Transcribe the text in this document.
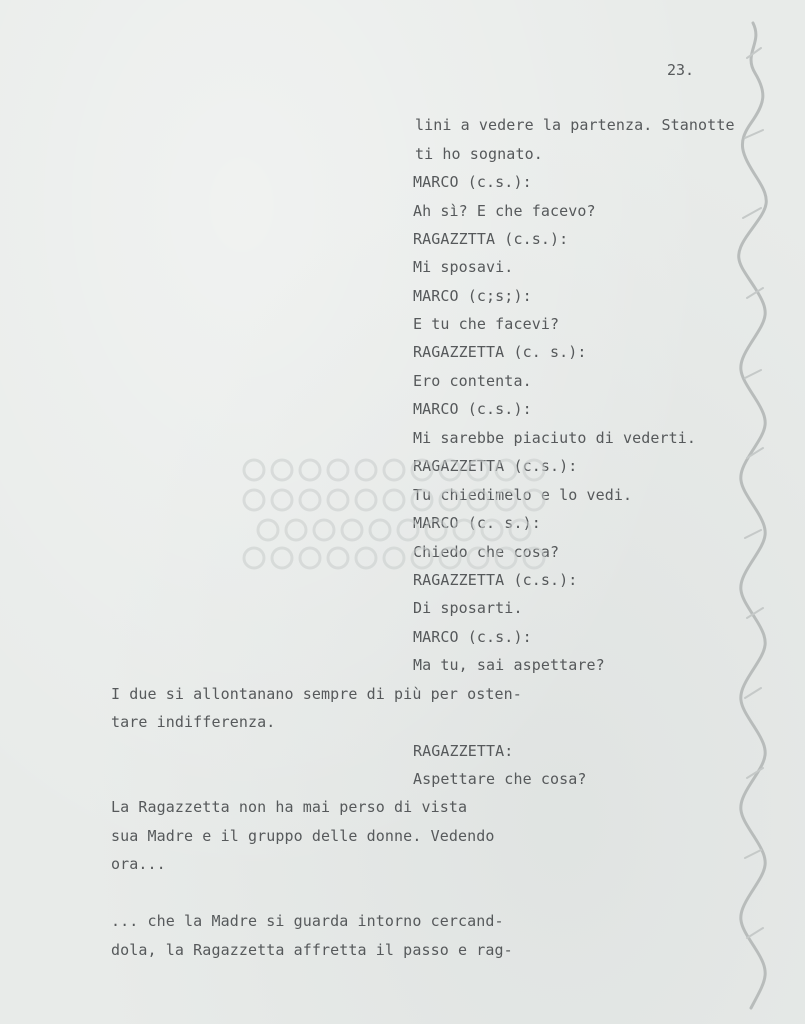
23.
lini a vedere la partenza. Stanotte
ti ho sognato.
MARCO (c.s.):
Ah sì? E che facevo?
RAGAZZTTA (c.s.):
Mi sposavi.
MARCO (c;s;):
E tu che facevi?
RAGAZZETTA (c. s.):
Ero contenta.
MARCO (c.s.):
Mi sarebbe piaciuto di vederti.
RAGAZZETTA (c.s.):
Tu chiedimelo e lo vedi.
MARCO (c. s.):
Chiedo che cosa?
RAGAZZETTA (c.s.):
Di sposarti.
MARCO (c.s.):
Ma tu, sai aspettare?
I due si allontanano sempre di più per osten-
tare indifferenza.
RAGAZZETTA:
Aspettare che cosa?
La Ragazzetta non ha mai perso di vista
sua Madre e il gruppo delle donne. Vedendo
ora...
... che la Madre si guarda intorno cercand-
dola, la Ragazzetta affretta il passo e rag-
